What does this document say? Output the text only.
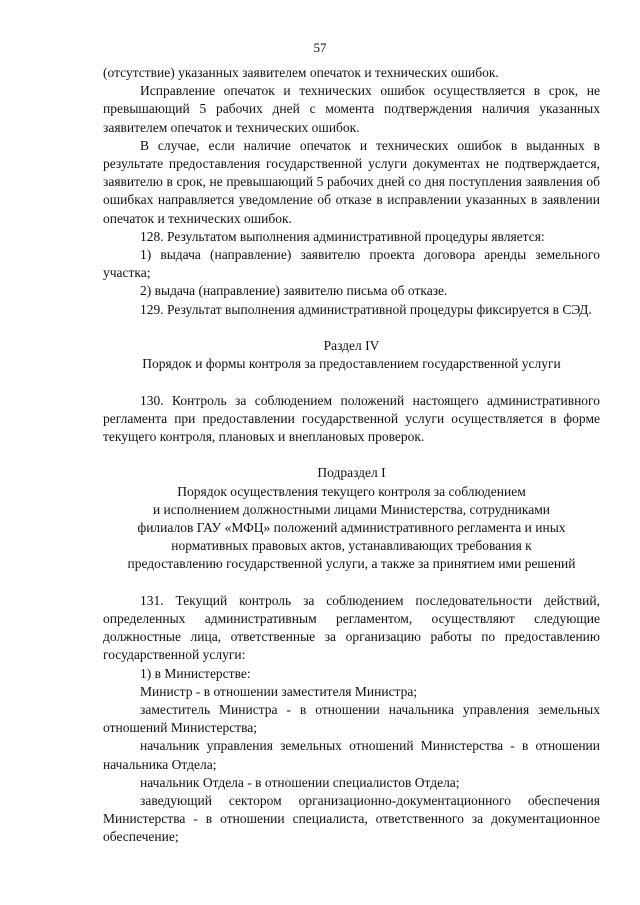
57

(отсутствие) указанных заявителем опечаток и технических ошибок.

Исправление опечаток и технических ошибок осуществляется в срок, не превышающий 5 рабочих дней с момента подтверждения наличия указанных заявителем опечаток и технических ошибок.

В случае, если наличие опечаток и технических ошибок в выданных в результате предоставления государственной услуги документах не подтверждается, заявителю в срок, не превышающий 5 рабочих дней со дня поступления заявления об ошибках направляется уведомление об отказе в исправлении указанных в заявлении опечаток и технических ошибок.

128. Результатом выполнения административной процедуры является:

1) выдача (направление) заявителю проекта договора аренды земельного участка;

2) выдача (направление) заявителю письма об отказе.

129. Результат выполнения административной процедуры фиксируется в СЭД.

Раздел IV

Порядок и формы контроля за предоставлением государственной услуги

130. Контроль за соблюдением положений настоящего административного регламента при предоставлении государственной услуги осуществляется в форме текущего контроля, плановых и внеплановых проверок.

Подраздел I

Порядок осуществления текущего контроля за соблюдением

и исполнением должностными лицами Министерства, сотрудниками

филиалов ГАУ «МФЦ» положений административного регламента и иных

нормативных правовых актов, устанавливающих требования к

предоставлению государственной услуги, а также за принятием ими решений

131. Текущий контроль за соблюдением последовательности действий, определенных административным регламентом, осуществляют следующие должностные лица, ответственные за организацию работы по предоставлению государственной услуги:

1) в Министерстве:

Министр - в отношении заместителя Министра;

заместитель Министра - в отношении начальника управления земельных отношений Министерства;

начальник управления земельных отношений Министерства - в отношении начальника Отдела;

начальник Отдела - в отношении специалистов Отдела;

заведующий сектором организационно-документационного обеспечения Министерства - в отношении специалиста, ответственного за документационное обеспечение;
